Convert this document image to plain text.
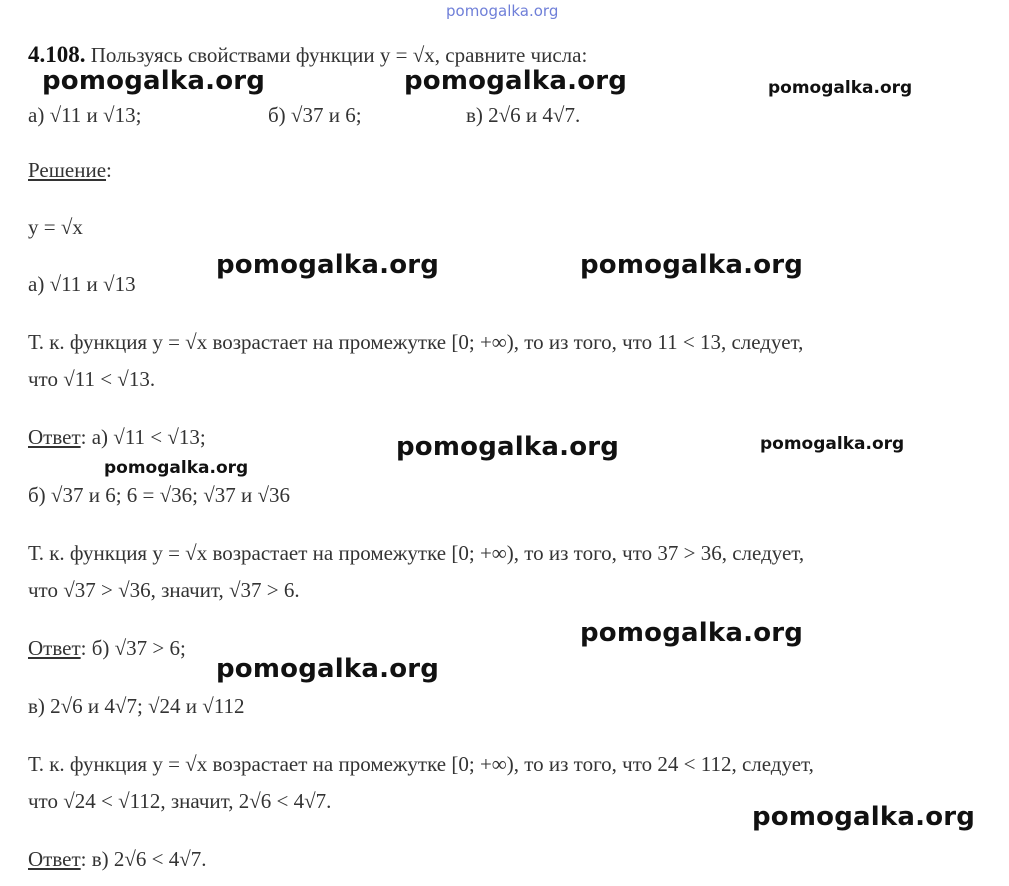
pomogalka.org
4.108. Пользуясь свойствами функции y = √x, сравните числа:
а) √11 и √13;	б) √37 и 6;	в) 2√6 и 4√7.
Решение:
y = √x
а) √11 и √13
Т. к. функция y = √x возрастает на промежутке [0; +∞), то из того, что 11 < 13, следует,
что √11 < √13.
Ответ: а) √11 < √13;
б) √37 и 6; 6 = √36; √37 и √36
Т. к. функция y = √x возрастает на промежутке [0; +∞), то из того, что 37 > 36, следует,
что √37 > √36, значит, √37 > 6.
Ответ: б) √37 > 6;
в) 2√6 и 4√7; √24 и √112
Т. к. функция y = √x возрастает на промежутке [0; +∞), то из того, что 24 < 112, следует,
что √24 < √112, значит, 2√6 < 4√7.
Ответ: в) 2√6 < 4√7.
pomogalka.org	pomogalka.org	pomogalka.org
pomogalka.org	pomogalka.org
pomogalka.org	pomogalka.org
pomogalka.org
pomogalka.org
pomogalka.org
pomogalka.org
